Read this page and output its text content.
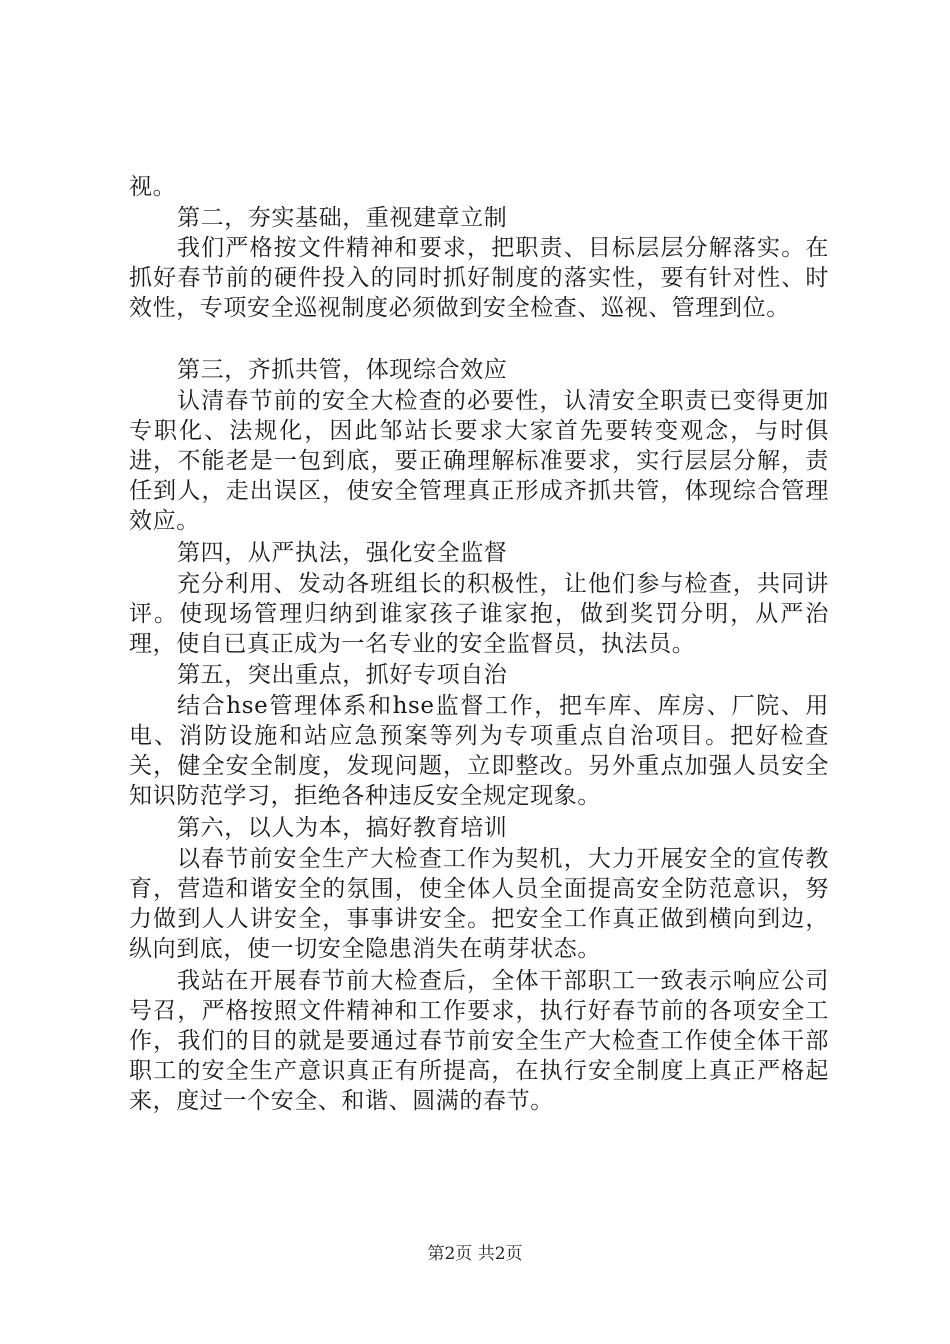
视。

第二，夯实基础，重视建章立制

我们严格按文件精神和要求，把职责、目标层层分解落实。在抓好春节前的硬件投入的同时抓好制度的落实性，要有针对性、时效性，专项安全巡视制度必须做到安全检查、巡视、管理到位。

第三，齐抓共管，体现综合效应

认清春节前的安全大检查的必要性，认清安全职责已变得更加专职化、法规化，因此邹站长要求大家首先要转变观念，与时俱进，不能老是一包到底，要正确理解标准要求，实行层层分解，责任到人，走出误区，使安全管理真正形成齐抓共管，体现综合管理效应。

第四，从严执法，强化安全监督

充分利用、发动各班组长的积极性，让他们参与检查，共同讲评。使现场管理归纳到谁家孩子谁家抱，做到奖罚分明，从严治理，使自已真正成为一名专业的安全监督员，执法员。

第五，突出重点，抓好专项自治

结合hse管理体系和hse监督工作，把车库、库房、厂院、用电、消防设施和站应急预案等列为专项重点自治项目。把好检查关，健全安全制度，发现问题，立即整改。另外重点加强人员安全知识防范学习，拒绝各种违反安全规定现象。

第六，以人为本，搞好教育培训

以春节前安全生产大检查工作为契机，大力开展安全的宣传教育，营造和谐安全的氛围，使全体人员全面提高安全防范意识，努力做到人人讲安全，事事讲安全。把安全工作真正做到横向到边，纵向到底，使一切安全隐患消失在萌芽状态。

我站在开展春节前大检查后，全体干部职工一致表示响应公司号召，严格按照文件精神和工作要求，执行好春节前的各项安全工作，我们的目的就是要通过春节前安全生产大检查工作使全体干部职工的安全生产意识真正有所提高，在执行安全制度上真正严格起来，度过一个安全、和谐、圆满的春节。

第2页 共2页
